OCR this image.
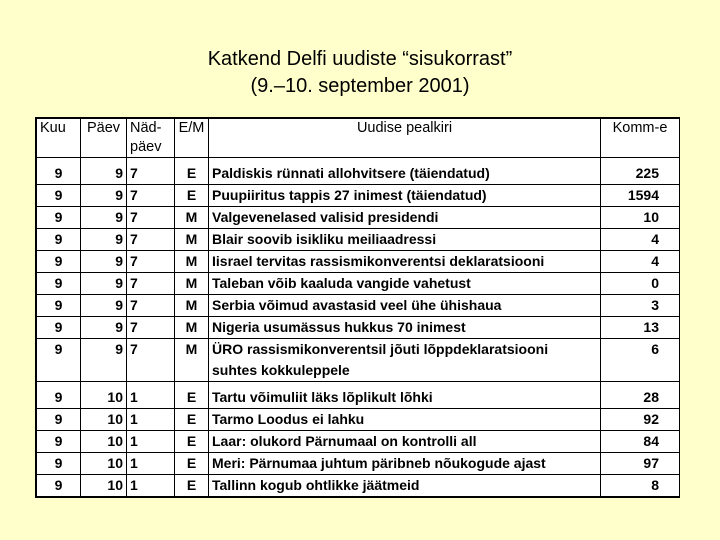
Katkend Delfi uudiste “sisukorrast”
(9.–10. september 2001)
Kuu	Päev	Näd-päev	E/M	Uudise pealkiri	Komm-e
9	9	7	E	Paldiskis rünnati allohvitsere (täiendatud)	225
9	9	7	E	Puupiiritus tappis 27 inimest (täiendatud)	1594
9	9	7	M	Valgevenelased valisid presidendi	10
9	9	7	M	Blair soovib isikliku meiliaadressi	4
9	9	7	M	Iisrael tervitas rassismikonverentsi deklaratsiooni	4
9	9	7	M	Taleban võib kaaluda vangide vahetust	0
9	9	7	M	Serbia võimud avastasid veel ühe ühishaua	3
9	9	7	M	Nigeria usumässus hukkus 70 inimest	13
9	9	7	M	ÜRO rassismikonverentsil jõuti lõppdeklaratsiooni suhtes kokkuleppele	6
9	10	1	E	Tartu võimuliit läks lõplikult lõhki	28
9	10	1	E	Tarmo Loodus ei lahku	92
9	10	1	E	Laar: olukord Pärnumaal on kontrolli all	84
9	10	1	E	Meri: Pärnumaa juhtum päribneb nõukogude ajast	97
9	10	1	E	Tallinn kogub ohtlikke jäätmeid	8
